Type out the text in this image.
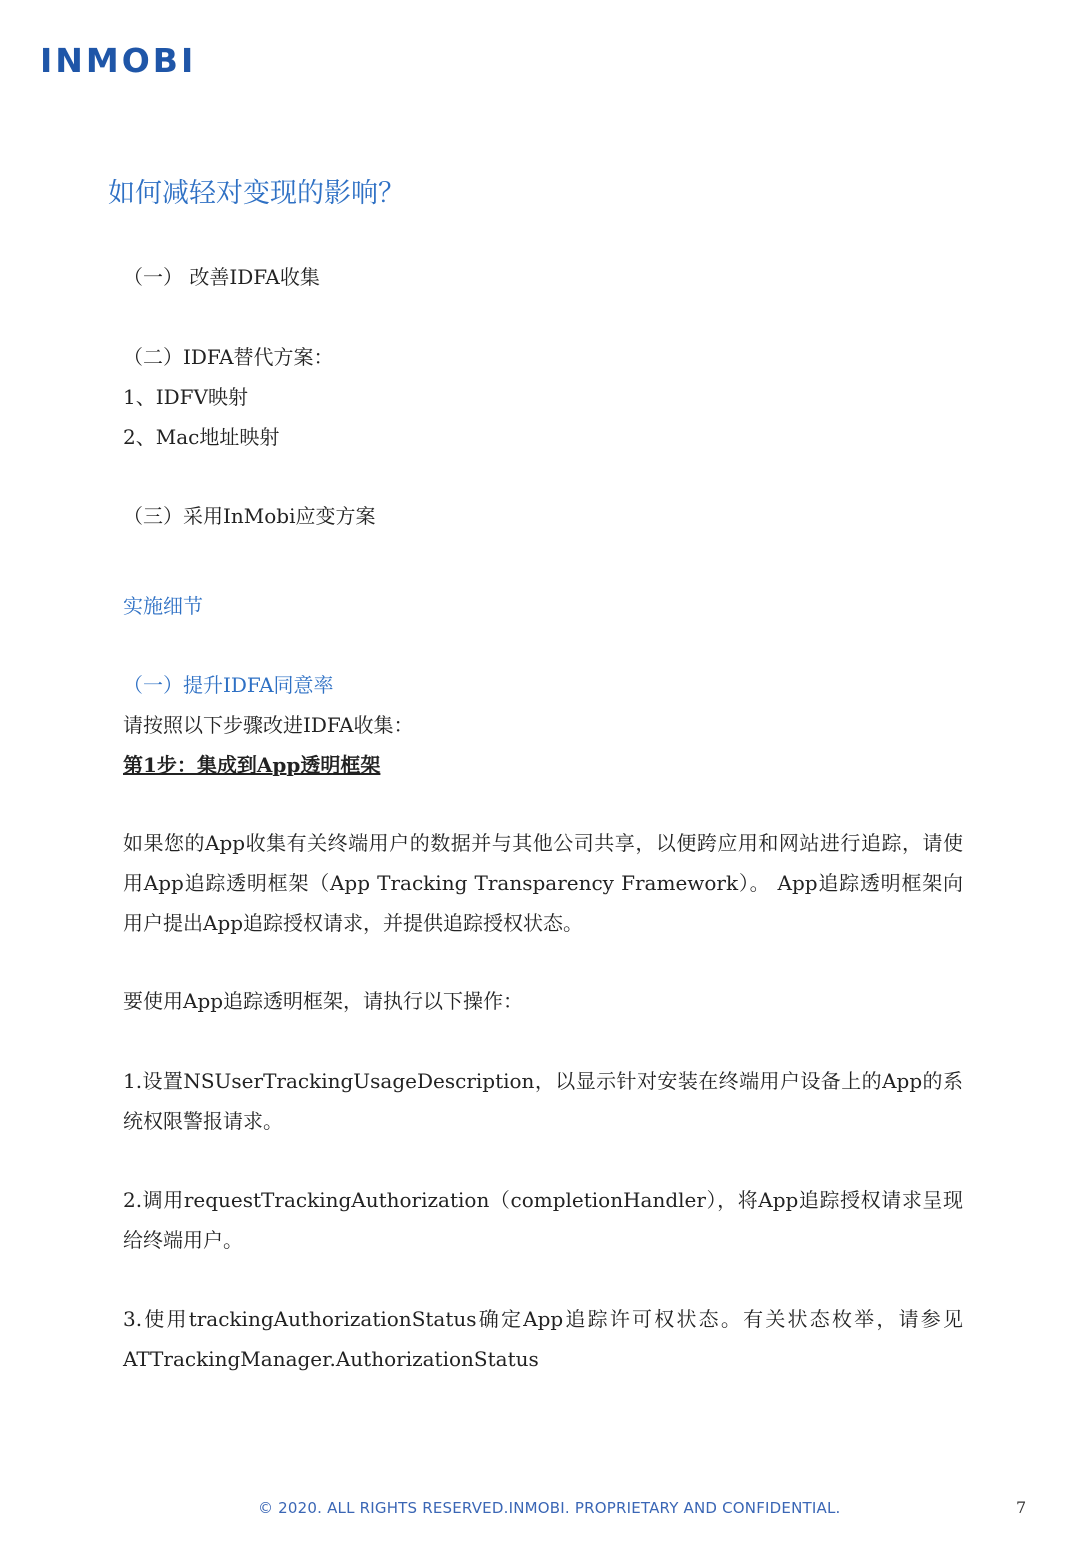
INMOBI
如何减轻对变现的影响？
（一） 改善IDFA收集
（二）IDFA替代方案：
1、IDFV映射
2、Mac地址映射
（三）采用InMobi应变方案
实施细节
（一）提升IDFA同意率
请按照以下步骤改进IDFA收集：
第1步：集成到App透明框架
如果您的App收集有关终端用户的数据并与其他公司共享，以便跨应用和网站进行追踪，请使用App追踪透明框架（App Tracking Transparency Framework）。 App追踪透明框架向用户提出App追踪授权请求，并提供追踪授权状态。
要使用App追踪透明框架，请执行以下操作：
1.设置NSUserTrackingUsageDescription，以显示针对安装在终端用户设备上的App的系统权限警报请求。
2.调用requestTrackingAuthorization（completionHandler），将App追踪授权请求呈现给终端用户。
3.使用trackingAuthorizationStatus确定App追踪许可权状态。有关状态枚举，请参见ATTrackingManager.AuthorizationStatus
© 2020. ALL RIGHTS RESERVED.INMOBI. PROPRIETARY AND CONFIDENTIAL.	7
